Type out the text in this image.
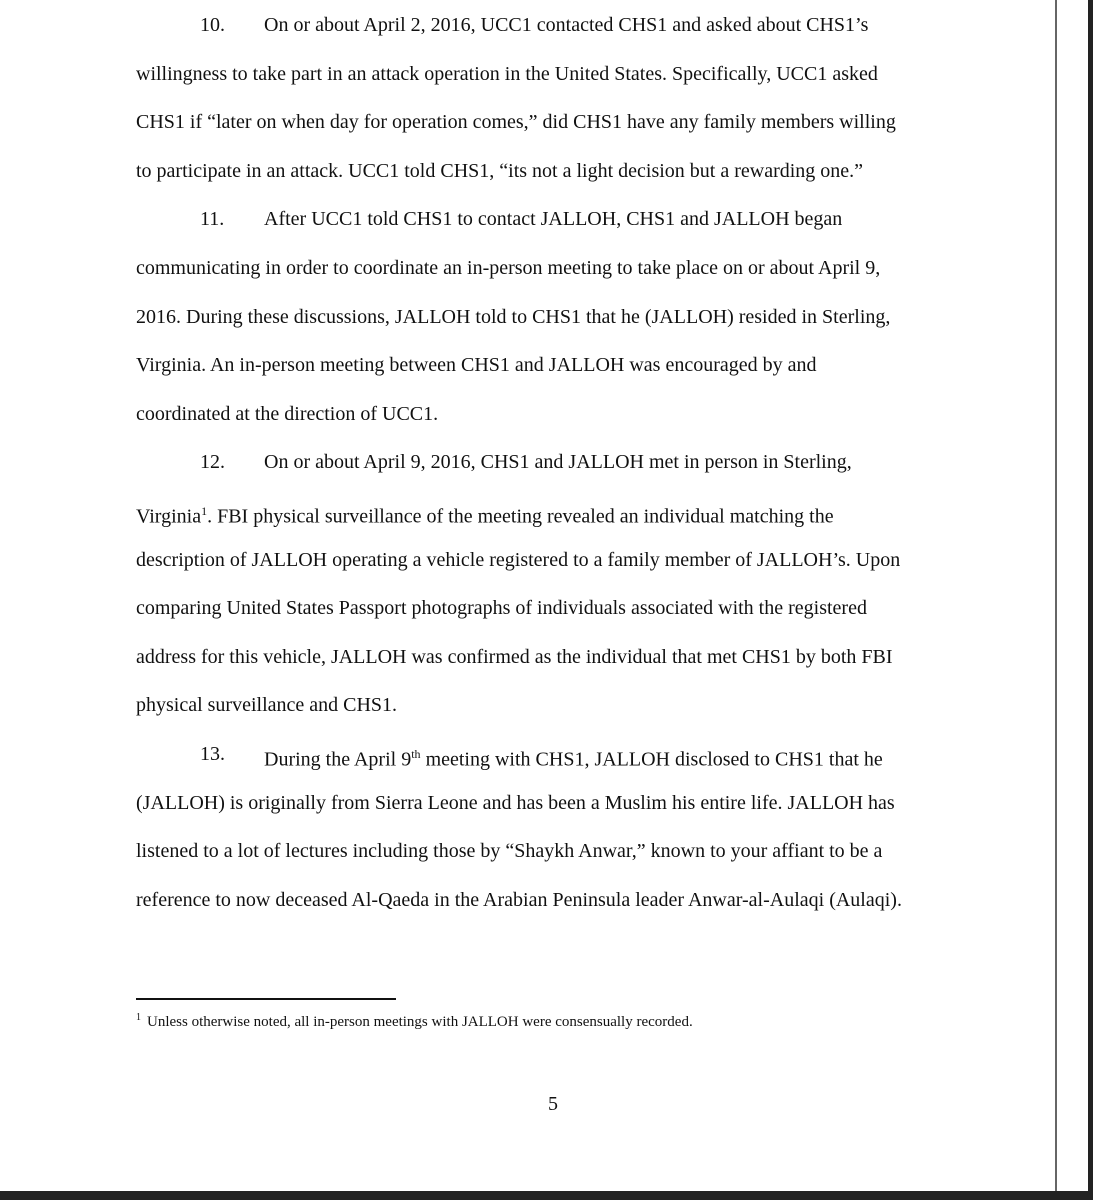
10. On or about April 2, 2016, UCC1 contacted CHS1 and asked about CHS1’s
willingness to take part in an attack operation in the United States. Specifically, UCC1 asked
CHS1 if “later on when day for operation comes,” did CHS1 have any family members willing
to participate in an attack. UCC1 told CHS1, “its not a light decision but a rewarding one.”
11. After UCC1 told CHS1 to contact JALLOH, CHS1 and JALLOH began
communicating in order to coordinate an in-person meeting to take place on or about April 9,
2016. During these discussions, JALLOH told to CHS1 that he (JALLOH) resided in Sterling,
Virginia. An in-person meeting between CHS1 and JALLOH was encouraged by and
coordinated at the direction of UCC1.
12. On or about April 9, 2016, CHS1 and JALLOH met in person in Sterling,
Virginia$^1$. FBI physical surveillance of the meeting revealed an individual matching the
description of JALLOH operating a vehicle registered to a family member of JALLOH’s. Upon
comparing United States Passport photographs of individuals associated with the registered
address for this vehicle, JALLOH was confirmed as the individual that met CHS1 by both FBI
physical surveillance and CHS1.
13. During the April 9th meeting with CHS1, JALLOH disclosed to CHS1 that he
(JALLOH) is originally from Sierra Leone and has been a Muslim his entire life. JALLOH has
listened to a lot of lectures including those by “Shaykh Anwar,” known to your affiant to be a
reference to now deceased Al-Qaeda in the Arabian Peninsula leader Anwar-al-Aulaqi (Aulaqi).
$^1$ Unless otherwise noted, all in-person meetings with JALLOH were consensually recorded.
5
